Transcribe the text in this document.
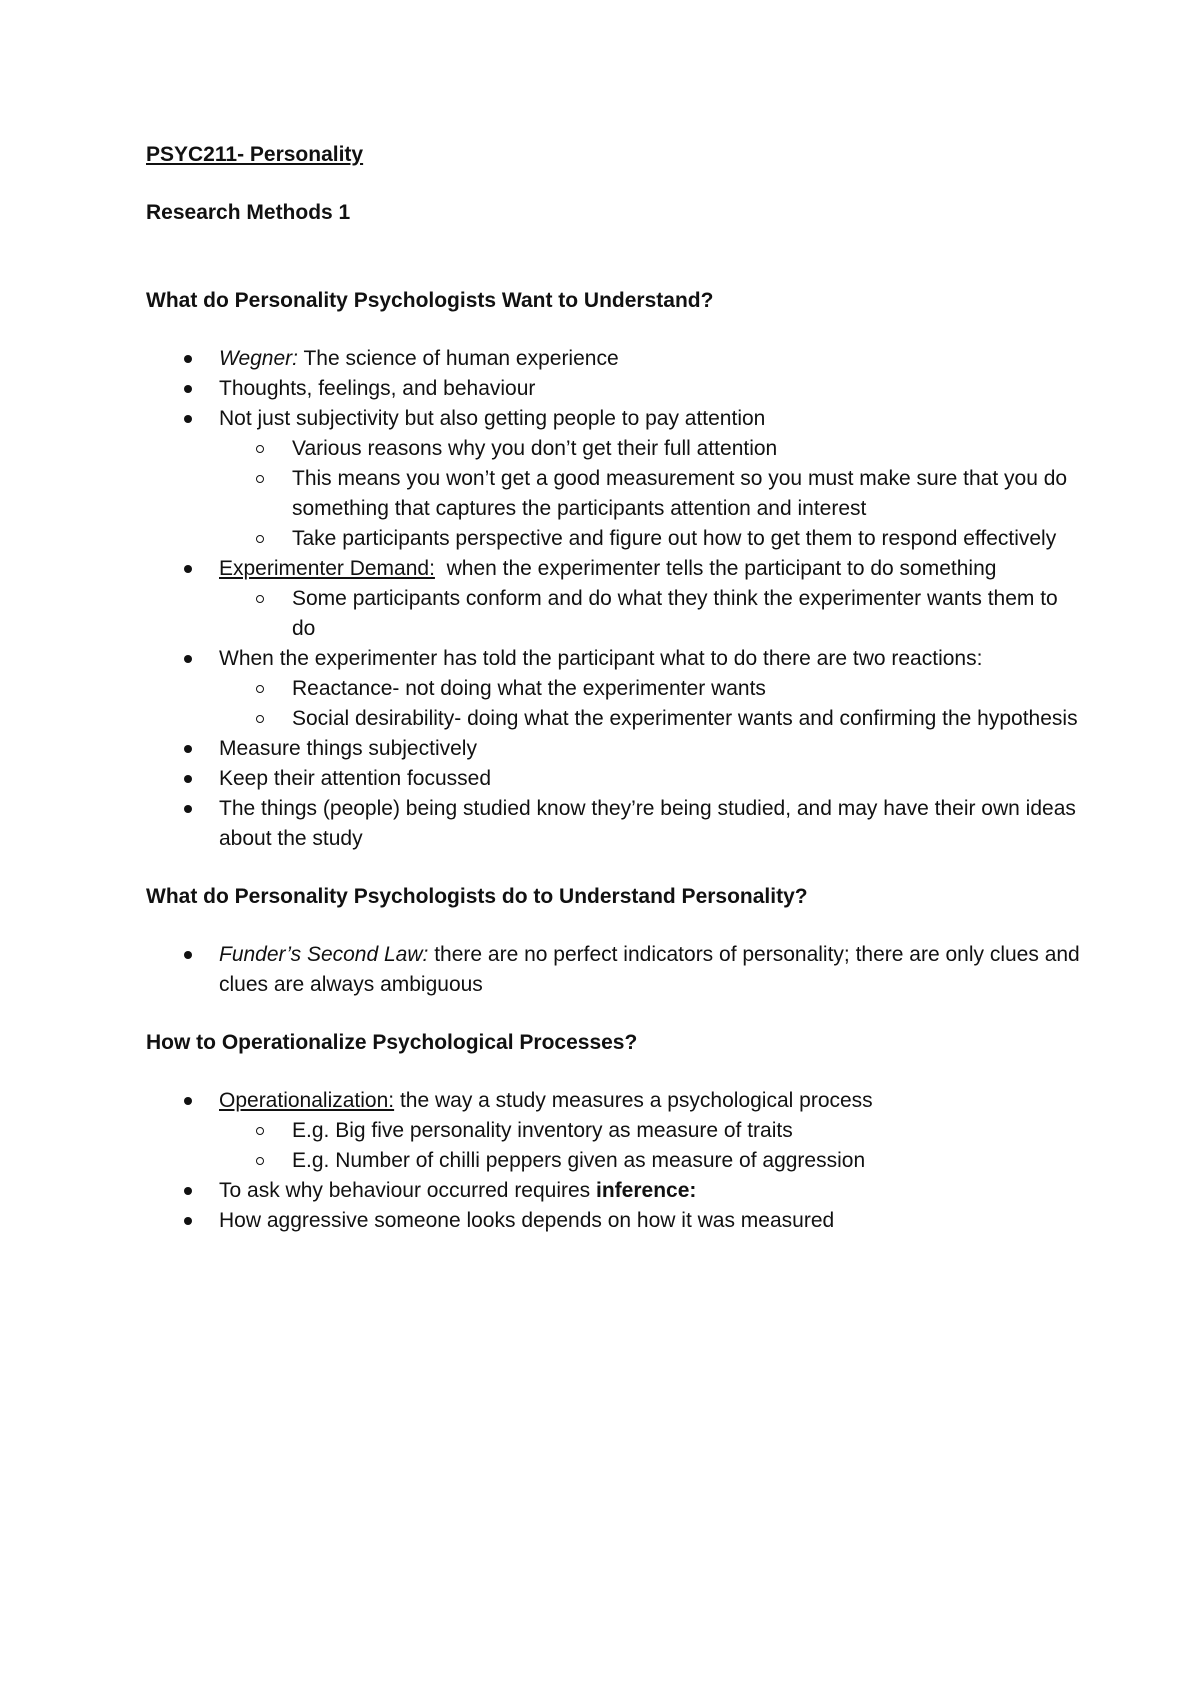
PSYC211- Personality

Research Methods 1

What do Personality Psychologists Want to Understand?

Wegner: The science of human experience
Thoughts, feelings, and behaviour
Not just subjectivity but also getting people to pay attention
Various reasons why you don’t get their full attention
This means you won’t get a good measurement so you must make sure that you do something that captures the participants attention and interest
Take participants perspective and figure out how to get them to respond effectively
Experimenter Demand:  when the experimenter tells the participant to do something
Some participants conform and do what they think the experimenter wants them to do
When the experimenter has told the participant what to do there are two reactions:
Reactance- not doing what the experimenter wants
Social desirability- doing what the experimenter wants and confirming the hypothesis
Measure things subjectively
Keep their attention focussed
The things (people) being studied know they’re being studied, and may have their own ideas about the study

What do Personality Psychologists do to Understand Personality?

Funder’s Second Law: there are no perfect indicators of personality; there are only clues and clues are always ambiguous

How to Operationalize Psychological Processes?

Operationalization: the way a study measures a psychological process
E.g. Big five personality inventory as measure of traits
E.g. Number of chilli peppers given as measure of aggression
To ask why behaviour occurred requires inference:
How aggressive someone looks depends on how it was measured
